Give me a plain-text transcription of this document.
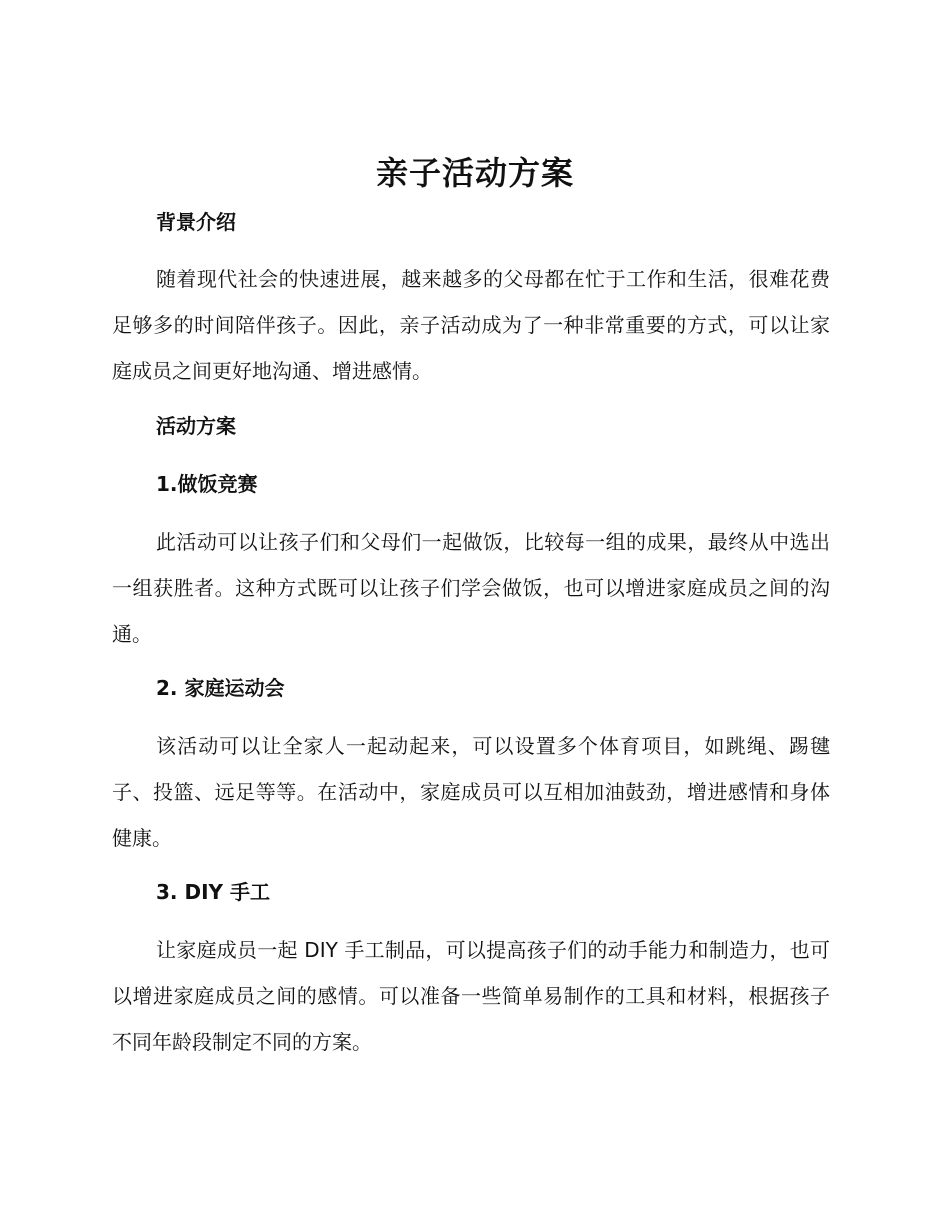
亲子活动方案
背景介绍
随着现代社会的快速进展，越来越多的父母都在忙于工作和生活，很难花费足够多的时间陪伴孩子。因此，亲子活动成为了一种非常重要的方式，可以让家庭成员之间更好地沟通、增进感情。
活动方案
1.做饭竞赛
此活动可以让孩子们和父母们一起做饭，比较每一组的成果，最终从中选出一组获胜者。这种方式既可以让孩子们学会做饭，也可以增进家庭成员之间的沟通。
2. 家庭运动会
该活动可以让全家人一起动起来，可以设置多个体育项目，如跳绳、踢毽子、投篮、远足等等。在活动中，家庭成员可以互相加油鼓劲，增进感情和身体健康。
3. DIY 手工
让家庭成员一起 DIY 手工制品，可以提高孩子们的动手能力和制造力，也可以增进家庭成员之间的感情。可以准备一些简单易制作的工具和材料，根据孩子不同年龄段制定不同的方案。
